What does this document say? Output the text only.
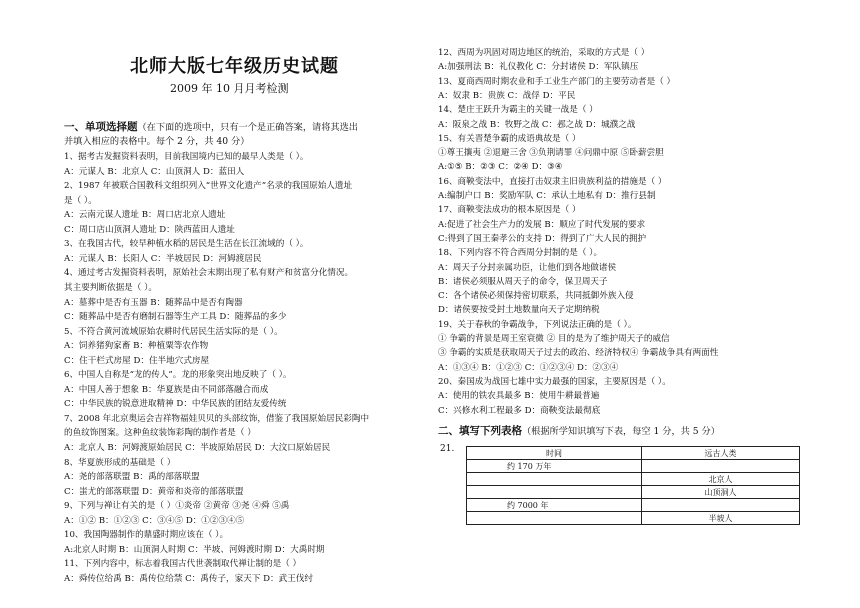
北师大版七年级历史试题
2009 年 10 月月考检测
一、单项选择题（在下面的选项中，只有一个是正确答案，请将其选出
并填入相应的表格中。每个 2 分，共 40 分）
1、据考古发掘资料表明，目前我国境内已知的最早人类是（ ）。
A：元谋人 B：北京人 C：山顶洞人 D：蓝田人
2、1987 年被联合国教科文组织列入“世界文化遗产”名录的我国原始人遗址
是（ ）。
A：云南元谋人遗址 B：周口店北京人遗址
C：周口店山顶洞人遗址 D：陕西蓝田人遗址
3、在我国古代，较早种植水稻的居民是生活在长江流域的（ ）。
A：元谋人 B：长阳人 C：半坡居民 D：河姆渡居民
4、通过考古发掘资料表明，原始社会末期出现了私有财产和贫富分化情况。
其主要判断依据是（ ）。
A：墓葬中是否有玉器 B：随葬品中是否有陶器
C：随葬品中是否有磨制石器等生产工具 D：随葬品的多少
5、不符合黄河流域原始农耕时代居民生活实际的是（ ）。
A：饲养猪狗家畜 B：种植粟等农作物
C：住干栏式房屋 D：住半地穴式房屋
6、中国人自称是“龙的传人”。龙的形象突出地反映了（ ）。
A：中国人善于想象 B：华夏族是由不同部落融合而成
C：中华民族的锐意进取精神 D：中华民族的团结友爱传统
7、2008 年北京奥运会吉祥物福娃贝贝的头部纹饰，借鉴了我国原始居民彩陶中
的鱼纹饰图案。这种鱼纹装饰彩陶的制作者是（ ）
A：北京人 B：河姆渡原始居民 C：半坡原始居民 D：大汶口原始居民
8、华夏族形成的基础是（ ）
A：尧的部落联盟 B：禹的部落联盟
C：蚩尤的部落联盟 D：黄帝和炎帝的部落联盟
9、下列与禅让有关的是（ ）①炎帝 ②黄帝 ③尧 ④舜 ⑤禹
A：①② B：①②③ C：③④⑤ D：①②③④⑤
10、我国陶器制作的鼎盛时期应该在（ ）。
A:北京人时期 B：山顶洞人时期 C：半坡、河姆渡时期 D：大禹时期
11、下列内容中，标志着我国古代世袭制取代禅让制的是（ ）
A：舜传位给禹 B：禹传位给禁 C：禹传子，家天下 D：武王伐纣
12、西周为巩固对周边地区的统治，采取的方式是（ ）
A:加强刑法 B：礼仪教化 C：分封诸侯 D：军队镇压
13、夏商西周时期农业和手工业生产部门的主要劳动者是（ ）
A：奴隶 B：贵族 C：战俘 D：平民
14、楚庄王跃升为霸主的关键一战是（ ）
A：阪泉之战 B：牧野之战 C：邲之战 D：城濮之战
15、有关晋楚争霸的成语典故是（ ）
①尊王攘夷 ②退避三舍 ③负荆请罪 ④问鼎中原 ⑤卧薪尝胆
A:①⑤ B：②③ C：②④ D：③④
16、商鞅变法中，直接打击奴隶主旧贵族利益的措施是（ ）
A:编制户口 B：奖励军队 C：承认土地私有 D：推行县制
17、商鞅变法成功的根本原因是（ ）
A:促进了社会生产力的发展 B：顺应了时代发展的要求
C:得到了国王秦孝公的支持 D：得到了广大人民的拥护
18、下列内容不符合西周分封制的是（ ）。
A：周天子分封亲属功臣，让他们到各地做诸侯
B：诸侯必须服从周天子的命令，保卫周天子
C：各个诸侯必须保持密切联系，共同抵御外族入侵
D：诸侯要按受封土地数量向天子定期纳税
19、关于春秋的争霸战争，下列说法正确的是（ ）。
① 争霸的背景是周王室衰微 ② 目的是为了维护周天子的威信
③ 争霸的实质是获取周天子过去的政治、经济特权④ 争霸战争具有两面性
A：①③④ B：①②③ C：①②③④ D：②③④
20、秦国成为战国七雄中实力最强的国家，主要原因是（ ）。
A：使用的铁农具最多 B：使用牛耕最普遍
C：兴修水利工程最多 D：商鞅变法最彻底
二、填写下列表格（根据所学知识填写下表，每空 1 分，共 5 分）
21.	时间	远古人类
约 170 万年	
	北京人
	山顶洞人
约 7000 年	
	半坡人
